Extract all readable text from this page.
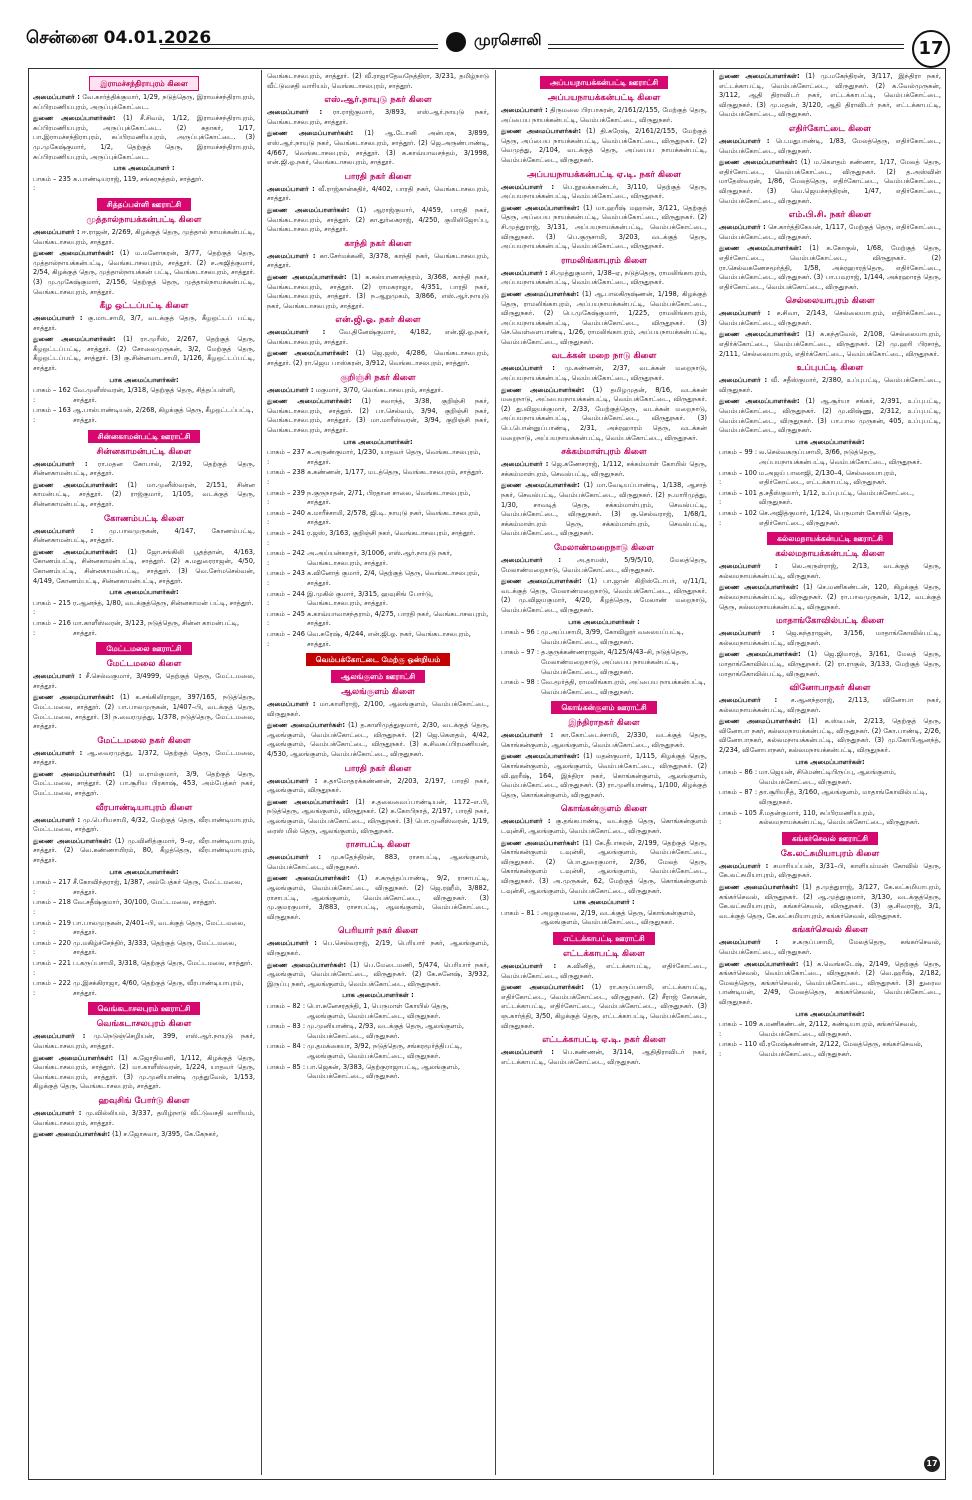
சென்னை 04.01.2026	முரசொலி	17
இராமச்சந்திராபுரம் கிளை
அமைப்பாளர் : வே.கார்த்திக்குமார், 1/29, நடுத்தெரு, இராமச்சந்திராபுரம், சுப்பிரமணியபுரம், அருப்புக்கோட்டை.
துணை அமைப்பாளர்கள்: (1) சீ.சிவம், 1/12, இராமச்சந்திராபுரம், சுப்பிரமணியபுரம், அருப்புக்கோட்டை. (2) சுதாகர், 1/17, பா.இராமச்சந்திராபுரம், சுப்பிரமணியபுரம், அருப்புக்கோட்டை. (3) மு.முகேஷ்குமார், 1/2, தெற்குத் தெரு, இராமச்சந்திராபுரம், சுப்பிரமணியபுரம், அருப்புக்கோட்டை.
பாக அமைப்பாளர் :
பாகம் – 235 :
க.பாண்டியராஜ், 119, சங்கரநத்தம், சாத்தூர்.
சித்தப்பள்ளி ஊராட்சி
முத்தால்நாயக்கன்பட்டி கிளை
அமைப்பாளர் : ஈ.ராஜன், 2/269, கிழக்குத் தெரு, முத்தால் நாயக்கன்பட்டி, வெங்கடாசலபுரம், சாத்தூர்.
துணை அமைப்பாளர்கள்: (1) ம.மனோகரன், 3/77, தெற்குத் தெரு, முத்தால்நாயக்கன்பட்டி, வெங்கடாசலபுரம், சாத்தூர். (2) ச.அஜித்குமார், 2/54, கிழக்குத் தெரு, முத்தால்நாயக்கன் பட்டி, வெங்கடாசலபுரம், சாத்தூர். (3) மு.முகேஷ்குமார், 2/156, தெற்குத் தெரு, முத்தால்நாயக்கன்பட்டி, வெங்கடாசலபுரம், சாத்தூர்.
கீழ ஒட்டப்பட்டி கிளை
அமைப்பாளர் : கு.மாடசாமி, 3/7, வடக்குத் தெரு, கீழஒட்டப் பட்டி, சாத்தூர்.
துணை அமைப்பாளர்கள்: (1) ரா.முரீஸ், 2/267, தெற்குத் தெரு, கீழஒட்டப்பட்டி, சாத்தூர். (2) சோலைமுருகன், 3/2, மேற்குத் தெரு, கீழஒட்டப்பட்டி, சாத்தூர். (3) கு.சின்னமாடசாமி, 1/126, கீழஒட்டப்பட்டி, சாத்தூர்.
பாக அமைப்பாளர்கள்:
பாகம் – 162 :
வே.முனீஸ்வரன், 1/318, தெற்குத் தெரு, சித்தப்பள்ளி, சாத்தூர்.
பாகம் – 163 :
ஆ.பால்பாண்டியன், 2/268, கிழக்குத் தெரு, கீழஒட்டப்பட்டி, சாத்தூர்.
சின்னகாமன்பட்டி ஊராட்சி
சின்னகாமன்பட்டி கிளை
அமைப்பாளர் : ரா.மதன கோபால், 2/192, தெற்குத் தெரு, சின்னகாமன்பட்டி, சாத்தூர்.
துணை அமைப்பாளர்கள்: (1) மா.முனீஸ்வரன், 2/151, சின்ன காமன்பட்டி, சாத்தூர். (2) ராஜ்குமார், 1/105, வடக்குத் தெரு, சின்னகாமன்பட்டி, சாத்தூர்.
கோணம்பட்டி கிளை
அமைப்பாளர் : மு.பாலமுருகன், 4/147, கோணம்பட்டி, சின்னகாமன்பட்டி, சாத்தூர்.
துணை அமைப்பாளர்கள்: (1) ஜோ.சங்கிலி பூதத்தான், 4/163, கோணம்பட்டி, சின்னகாமன்பட்டி, சாத்தூர். (2) சு.மதுரைராஜன், 4/50, கோணம்பட்டி, சின்னகாமன்பட்டி, சாத்தூர். (3) வெ.சேர்மசெல்வன், 4/149, கோணம்பட்டி, சின்னகாமன்பட்டி, சாத்தூர்.
பாக அமைப்பாளர்கள்:
பாகம் – 215 :
ர.ஆனந்த், 1/80, வடக்குத்தெரு, சின்னகாமன் பட்டி, சாத்தூர்.
பாகம் – 216 :
மா.காளீஸ்வரன், 3/123, நடுத்தெரு, சின்ன காமன்பட்டி, சாத்தூர்.
மேட்டமலை ஊராட்சி
மேட்டமலை கிளை
அமைப்பாளர் : சீ.செல்வகுமார், 3/4999, தெற்குத் தெரு, மேட்டமலை, சாத்தூர்.
துணை அமைப்பாளர்கள்: (1) க.சங்கிலிராஜா, 397/165, நடுத்தெரு, மேட்டமலை, சாத்தூர். (2) பா.பாலமுருகன், 1/407–பி, வடக்குத் தெரு, மேட்டமலை, சாத்தூர். (3) ந.வைரமுத்து, 1/378, நடுத்தெரு, மேட்டமலை, சாத்தூர்.
மேட்டமலை நகர் கிளை
அமைப்பாளர் : ஆ.வைரமுத்து, 1/372, தெற்குத் தெரு, மேட்டமலை, சாத்தூர்.
துணை அமைப்பாளர்கள்: (1) ம.ராம்குமார், 3/9, தெற்குத் தெரு, மேட்டமலை, சாத்தூர். (2) பா.சூரிய பிரகாஷ், 453, அம்பேத்கர் நகர், மேட்டமலை, சாத்தூர்.
வீரபாண்டியாபுரம் கிளை
அமைப்பாளர் : மு.பெரியசாமி, 4/32, மேற்குத் தெரு, வீரபாண்டியாபுரம், மேட்டமலை, சாத்தூர்.
துணை அமைப்பாளர்கள்: (1) மு.வினித்குமார், 9–ஏ, வீரபாண்டியாபுரம், சாத்தூர். (2) வெ.கண்ணாயிரம், 80, கீழத்தெரு, வீரபாண்டியாபுரம், சாத்தூர்.
பாக அமைப்பாளர்கள்:
பாகம் – 217 :
சீ.கோவிந்தராஜ், 1/387, அம்பேத்கர் தெரு, மேட்டமலை, சாத்தூர்.
பாகம் – 218 :
வே.சதீஷ்குமார், 30/100, மேட்டமலை, சாத்தூர்.
பாகம் – 219 :
பா.பாலமுருகன், 2/401–பி, வடக்குத் தெரு, மேட்டமலை, சாத்தூர்.
பாகம் – 220 :
மு.மகிழ்ச்சேந்திர், 3/333, தெற்குத் தெரு, மேட்டமலை, சாத்தூர்.
பாகம் – 221 :
ப.கருப்பசாமி, 3/318, தெற்குத் தெரு, மேட்டமலை, சாத்தூர்.
பாகம் – 222 :
மு.இசக்கிராஜா, 4/60, தெற்குத் தெரு, வீரபாண்டியாபுரம், சாத்தூர்.
வெங்கடாசலபுரம் ஊராட்சி
வெங்கடாசலபுரம் கிளை
அமைப்பாளர் : மு.நெடுஞ்செழியன், 399, எஸ்.ஆர்.நாயுடு நகர், வெங்கடாசலபுரம், சாத்தூர்.
துணை அமைப்பாளர்கள்: (1) க.ஜோதிமணி, 1/112, கிழக்குத் தெரு, வெங்கடாசலபுரம், சாத்தூர். (2) மா.காளீஸ்வரன், 1/224, யாதவர் தெரு, வெங்கடாசலபுரம், சாத்தூர். (3) மு.முனியாண்டி முத்துவேல், 1/153, கிழக்குத் தெரு, வெங்கடாசலபுரம், சாத்தூர்.
ஹவுசிங் போர்டு கிளை
அமைப்பாளர் : மு.வில்லியம், 3/337, தமிழ்நாடு வீட்டுவசதி வாரியம், வெங்கடாசலபுரம், சாத்தூர்.
துணை அமைப்பாளர்கள்: (1) ச.ஜோசுவா, 3/395, கே.கேநகர்,
வெங்கடாசலபுரம், சாத்தூர். (2) வீ.ராஜாதேவநேத்திரா, 3/231, தமிழ்நாடு வீட்டுவசதி வாரியம், வெங்கடாசலபுரம், சாத்தூர்.
எஸ்.ஆர்.நாயுடு நகர் கிளை
அமைப்பாளர் : ரா.ராஜ்குமார், 3/893, எஸ்.ஆர்.நாயுடு நகர், வெங்கடாசலபுரம், சாத்தூர்.
துணை அமைப்பாளர்கள்: (1) ஆ.டோனி அன்பரசு, 3/899, எஸ்.ஆர்.நாயுடு நகர், வெங்கடாசலபுரம், சாத்தூர். (2) ஜெ.அருண்பாண்டி, 4/667, வெங்கடாசலபுரம், சாத்தூர். (3) சு.காவ்யாவசந்தம், 3/1998, என்.ஜி.ஓ.நகர், வெங்கடாசலபுரம், சாத்தூர்.
பாரதி நகர் கிளை
அமைப்பாளர் : வீ.ராஜ்கான்கதிர், 4/402, பாரதி நகர், வெங்கடாசலபுரம், சாத்தூர்.
துணை அமைப்பாளர்கள்: (1) ஆராஜ்குமார், 4/459, பாரதி நகர், வெங்கடாசலபுரம், சாத்தூர். (2) கா.துர்கைராஜ், 4/250, குமிலிஜோப்பு, வெங்கடாசலபுரம், சாத்தூர்.
காந்தி நகர் கிளை
அமைப்பாளர் : கா.சேர்மக்கனி, 3/378, காந்தி நகர், வெங்கடாசலபுரம், சாத்தூர்.
துணை அமைப்பாளர்கள்: (1) க.கல்யாணசுந்தரம், 3/368, காந்தி நகர், வெங்கடாசலபுரம், சாத்தூர். (2) ராமகராஜா, 4/351, பாரதி நகர், வெங்கடாசலபுரம், சாத்தூர். (3) ந.ஆறுமுகம், 3/866, எஸ்.ஆர்.நாயுடு நகர், வெங்கடாசலபுரம், சாத்தூர்.
என்.ஜி.ஓ. நகர் கிளை
அமைப்பாளர் : வே.தினேஷ்குமார், 4/182, என்.ஜி.ஓ.நகர், வெங்கடாசலபுரம், சாத்தூர்.
துணை அமைப்பாளர்கள்: (1) ஜெ.ஜஸ், 4/286, வெங்கடாசலபுரம், சாத்தூர். (2) ரா.ஜெய பாஸ்கரன், 3/912, வெங்கடாசலபுரம், சாத்தூர்.
குறிஞ்சி நகர் கிளை
அமைப்பாளர் : மகுமார், 3/70, வெங்கடாசலபுரம், சாத்தூர்.
துணை அமைப்பாளர்கள்: (1) சவாந்த், 3/38, குறிஞ்சி நகர், வெங்கடாசலபுரம், சாத்தூர். (2) பா.செல்வம், 3/94, குறிஞ்சி நகர், வெங்கடாசலபுரம், சாத்தூர். (3) மா.மாரீஸ்வரன், 3/94, குறிஞ்சி நகர், வெங்கடாசலபுரம், சாத்தூர்.
பாக அமைப்பாளர்கள்:
பாகம் – 237 :
க.அருண்குமார், 1/230, யாதவர் தெரு, வெங்கடாசலபுரம், சாத்தூர்.
பாகம் – 238 :
க.கண்ணன், 1/177, மடத்தெரு, வெங்கடாசலபுரம், சாத்தூர்.
பாகம் – 239 :
ந.குருநாதன், 2/71, பிரதான சாலை, வெங்கடாசலபுரம், சாத்தூர்.
பாகம் – 240 :
க.மாரீச்சாமி, 2/578, ஜி.டி. நாயுடு நகர், வெங்கடாசலபுரம், சாத்தூர்.
பாகம் – 241 :
ர.ஜஸ், 3/163, குறிஞ்சி நகர், வெங்கடாசலபுரம், சாத்தூர்.
பாகம் – 242 :
அ.அய்யன்காதர், 3/1006, எஸ்.ஆர்.நாயுடு நகர், வெங்கடாசலபுரம், சாத்தூர்.
பாகம் – 243 :
க.வினோத் குமார், 2/4, தெற்குத் தெரு, வெங்கடாசலபுரம், சாத்தூர்.
பாகம் – 244 :
இ.முகில் குமார், 3/315, ஹவுசிங் போர்டு, வெங்கடாசலபுரம், சாத்தூர்.
பாகம் – 245 :
க.காவ்யாவாசந்தராம், 4/275, பாரதி நகர், வெங்கடாசலபுரம், சாத்தூர்.
பாகம் – 246 :
வெ.சுரேஷ், 4/244, என்.ஜி.ஓ. நகர், வெங்கடாசலபுரம், சாத்தூர்.
வெம்பக்கோட்டை மேற்கு ஒன்றியம்
ஆலங்குளம் ஊராட்சி
ஆலங்குளம் கிளை
அமைப்பாளர் : மா.காளிராஜ், 2/100, ஆலங்குளம், வெம்பக்கோட்டை, விருதுநகர்.
துணை அமைப்பாளர்கள்: (1) த.காளிமுத்துகுமார், 2/30, வடக்குத் தெரு, ஆலங்குளம், வெம்பக்கோட்டை, விருதுநகர். (2) ஜெ.கௌதம், 4/42, ஆலங்குளம், வெம்பக்கோட்டை, விருதுநகர். (3) க.சிவசுப்பிரமணியன், 4/530, ஆலங்குளம், வெம்பக்கோட்டை, விருதுநகர்.
பாரதி நகர் கிளை
அமைப்பாளர் : ச.தாமோதரக்கண்ணன், 2/203, 2/197, பாரதி நகர், ஆலங்குளம், விருதுநகர்.
துணை அமைப்பாளர்கள்: (1) ச.தலைவைப்பாண்டியன், 1172–எ.பி, நடுத்தெரு, ஆலங்குளம், விருதுநகர். (2) சு.கோபிநாத், 2/197, பாரதி நகர், ஆலங்குளம், வெம்பக்கோட்டை, விருதுநகர். (3) பொ.முனீஸ்வரன், 1/19, ரைஸ் மில் தெரு, ஆலங்குளம், விருதுநகர்.
ராசாபட்டி கிளை
அமைப்பாளர் : மு.சுதேந்திரன், 883, ராசாபட்டி, ஆலங்குளம், வெம்பக்கோட்டை, விருதுநகர்.
துணை அமைப்பாளர்கள்: (1) ச.கருத்தப்பாண்டி, 9/2, ராசாபட்டி, ஆலங்குளம், வெம்பக்கோட்டை, விருதுநகர். (2) ஜெ.ரஹீம், 3/882, ராசாபட்டி, ஆலங்குளம், வெம்பக்கோட்டை, விருதுநகர். (3) மு.குமரகுமார், 3/883, ராசாபட்டி, ஆலங்குளம், வெம்பக்கோட்டை, விருதுநகர்.
பெரியார் நகர் கிளை
அமைப்பாளர் : பெ.செல்வராஜ், 2/19, பெரியார் நகர், ஆலங்குளம், விருதுநகர்.
துணை அமைப்பாளர்கள்: (1) பெ.மேடைமணி, 5/474, பெரியார் நகர், ஆலங்குளம், வெம்பக்கோட்டை, விருதுநகர். (2) கே.சுனேஷ், 3/932, இருப்பு நகர், ஆலங்குளம், வெம்பக்கோட்டை, விருதுநகர்.
பாக அமைப்பாளர்கள் :
பாகம் – 82 : பொ.சுனேசரதந்தி, 1, பெருமாள் கோயில் தெரு, ஆலங்குளம், வெம்பக்கோட்டை, விருதுநகர்.
பாகம் – 83 : மு.முனியாண்டி, 2/93, வடக்குத் தெரு, ஆலங்குளம், வெம்பக்கோட்டை, விருதுநகர்.
பாகம் – 84 : மு.தமக்கையா, 3/92, நடுத்தெரு, சங்கரமூர்த்திபட்டி, ஆலங்குளம், வெம்பக்கோட்டை, விருதுநகர்.
பாகம் – 85 : பா.ஜெகன், 3/383, தெற்குராஜாபட்டி, ஆலங்குளம், வெம்பக்கோட்டை, விருதுநகர்.
அப்பயநாயக்கன்பட்டி ஊராட்சி
அப்பயநாயக்கன்பட்டி கிளை
அமைப்பாளர் : திருமலை பிரபாகரன், 2/161/2/155, மேற்குத் தெரு, அப்பைய நாயக்கன்பட்டி, வெம்பக்கோட்டை, விருதுநகர்.
துணை அமைப்பாளர்கள்: (1) தி.சுரேஷ், 2/161/2/155, மேற்குத் தெரு, அப்பைய நாயக்கன்பட்டி, வெம்பக்கோட்டை, விருதுநகர். (2) வெமுத்து, 2/104, வடக்குத் தெரு, அப்பைய நாயக்கன்பட்டி, வெம்பக்கோட்டை, விருதுநகர்.
அப்பயநாயக்கன்பட்டி ஏ.டி. நகர் கிளை
அமைப்பாளர் : பெ.நூலக்காண்டர், 3/110, தெற்குத் தெரு, அப்பயநாயக்கன்பட்டி, வெம்பக்கோட்டை, விருதுநகர்.
துணை அமைப்பாளர்கள்: (1) மா.ஹரீஷ் மஹான், 3/121, தெற்குத் தெரு, அப்பைய நாயக்கன்பட்டி, வெம்பக்கோட்டை, விருதுநகர். (2) சி.முத்துராஜ், 3/131, அப்பயநாயக்கன்பட்டி, வெம்பக்கோட்டை, விருதுநகர். (3) பெ.குருசாமி, 3/203, வடக்குத் தெரு, அப்பயநாயக்கன்பட்டி, வெம்பக்கோட்டை, விருதுநகர்.
ராமலிங்காபுரம் கிளை
அமைப்பாளர் : சி.முத்துகுமார், 1/38–ஏ, நடுத்தெரு, ராமலிங்காபுரம், அப்பயநாயக்கன்பட்டி, வெம்பக்கோட்டை, விருதுநகர்.
துணை அமைப்பாளர்கள்: (1) ஆ.பாலகிருஷ்ணன், 1/198, கிழக்குத் தெரு, ராமலிங்காபுரம், அப்பயநாயக்கன்பட்டி, வெம்பக்கோட்டை, விருதுநகர். (2) பெ.முகேஷ்குமார், 1/225, ராமலிங்காபுரம், அப்பயநாயக்கன்பட்டி, வெம்பக்கோட்டை, விருதுநகர். (3) செ.வெள்ளைபாண்டி, 1/26, ராமலிங்காபுரம், அப்பயநாயக்கன்பட்டி, வெம்பக்கோட்டை, விருதுநகர்.
வடக்கன் மறை நாடு கிளை
அமைப்பாளர் : மு.கண்ணன், 2/37, வடக்கன் மறைநாடு, அப்பயநாயக்கன்பட்டி, வெம்பக்கோட்டை, விருதுநகர்.
துணை அமைப்பாளர்கள்: (1) தமிழமுதன், 8/16, வடக்கன் மறைநாடு, அப்பையநாயக்கன்பட்டி, வெம்பக்கோட்டை, விருதுநகர். (2) து.விஜயக்குமார், 2/33, மேற்குத்தெரு, வடக்கன் மறைநாடு, அப்பயநாயக்கன்பட்டி, வெம்பக்கோட்டை, விருதுநகர். (3) பெ.பொன்னுப்பாண்டி, 2/31, அக்ரஹாரம் தெரு, வடக்கன் மறைநாடு, அப்பயநாயக்கன்பட்டி, வெம்பக்கோட்டை, விருதுநகர்.
சக்கம்மாள்புரம் கிளை
அமைப்பாளர் : ஜெ.கணேசராஜ், 1/112, சக்கம்மாள் கோயில் தெரு, சக்கம்மாள்புரம், செவல்பட்டி, விருதுநகர்.
துணை அமைப்பாளர்கள்: (1) மா.வேடியப்பாண்டி, 1/138, ஆசாத் நகர், செவல்பட்டி, வெம்பக்கோட்டை, விருதுநகர். (2) ந.மாரிமுத்து, 1/30, சாவடித் தெரு, சக்கம்மாள்புரம், செவல்பட்டி, வெம்பக்கோட்டை, விருதுநகர். (3) கு.செல்வராஜ், 1/68/1, சக்கம்மாள்புரம் தெரு, சக்கம்மாள்புரம், செவல்பட்டி, வெம்பக்கோட்டை, விருதுநகர்.
மேலாண்மறைநாடு கிளை
அமைப்பாளர் : அ.தாமஸ், 5/9/5/10, மேலத்தெரு, மேலாண்மறைநாடு, வெம்பக்கோட்டை, விருதுநகர்.
துணை அமைப்பாளர்கள்: (1) பா.ஜான் கிறிஸ்டோபர், ஏ/11/1, வடக்குத் தெரு, மேலாண்மறைநாடு, வெம்பக்கோட்டை, விருதுநகர். (2) மு.விஜயகுமார், 4/20, கீழத்தெரு, மேலாண் மறைநாடு, வெம்பக்கோட்டை, விருதுநகர்.
பாக அமைப்பாளர்கள் :
பாகம் – 96 : மு.அப்பசாமி, 3/99, கோவிலூர் வலையப்பட்டி, வெம்பக்கோட்டை, விருதுநகர்.
பாகம் – 97 : த.குருக்கண்ணராஜன், 4/125/4/43–சி, நடுத்தெரு, மேலாண்மறைநாடு, அப்பைய நாயக்கன்பட்டி, வெம்பக்கோட்டை, விருதுநகர்.
பாகம் – 98 : வே.மூர்த்தி, ராமலிங்காபுரம், அப்பைய நாயக்கன்பட்டி, வெம்பக்கோட்டை, விருதுநகர்.
கொங்கன்குளம் ஊராட்சி
இந்திராநகர் கிளை
அமைப்பாளர் : கா.கோட்டைச்சாமி, 2/330, வடக்குத் தெரு, கொங்கன்குளம், ஆலங்குளம், வெம்பக்கோட்டை, விருதுநகர்.
துணை அமைப்பாளர்கள்: (1) மதன்குமார், 1/115, கிழக்குத் தெரு, கொங்கன்குளம், ஆலங்குளம், வெம்பக்கோட்டை, விருதுநகர். (2) வி.ஹரீஷ், 164, இந்திரா நகர், கொங்கன்குளம், ஆலங்குளம், வெம்பக்கோட்டை, விருதுநகர். (3) ரா.முனியாண்டி, 1/100, கிழக்குத் தெரு, கொங்கன்குளம், விருதுநகர்.
கொங்கன்குளம் கிளை
அமைப்பாளர் : கு.தங்கபாண்டி, வடக்குத் தெரு, கொங்கன்குளம் டவுன்சி, ஆலங்குளம், வெம்பக்கோட்டை, விருதுநகர்.
துணை அமைப்பாளர்கள்: (1) கே.தீபாகரன், 2/199, தெற்குத் தெரு, கொங்கன்குளம் டவுன்சி, ஆலங்குளம், வெம்பக்கோட்டை, விருதுநகர். (2) பொ.துரைகுமார், 2/36, மேலத் தெரு, கொங்கன்குளம் டவுன்சி, ஆலங்குளம், வெம்பக்கோட்டை, விருதுநகர். (3) அ.முருகன், 62, மேற்குத் தெரு, கொங்கன்குளம் டவுன்சி, ஆலங்குளம், வெம்பக்கோட்டை, விருதுநகர்.
பாக அமைப்பாளர் :
பாகம் – 81 : அழகுமலை, 2/19, வடக்குத் தெரு, கொங்கன்குளம், ஆலங்குளம், வெம்பக்கோட்டை, விருதுநகர்.
எட்டக்காபட்டி ஊராட்சி
எட்டக்காபட்டி கிளை
அமைப்பாளர் : சு.வினித், எட்டக்காபட்டி, எதிர்கோட்டை, வெம்பக்கோட்டை, விருதுநகர்.
துணை அமைப்பாளர்கள்: (1) ரா.கருப்பசாமி, எட்டக்காபட்டி, எதிர்கோட்டை, வெம்பக்கோட்டை, விருதுநகர். (2) சீராஜ் கோகன், எட்டக்காபட்டி, எதிர்கோட்டை, வெம்பக்கோட்டை, விருதுநகர். (3) ஞ.கார்த்தி, 3/50, கிழக்குத் தெரு, எட்டக்காபட்டி, வெம்பக்கோட்டை, விருதுநகர்.
எட்டக்காபட்டி ஏ.டி. நகர் கிளை
அமைப்பாளர் : பெ.கண்ணன், 3/114, ஆதிதிராவிடர் நகர், எட்டக்காபட்டி, வெம்பக்கோட்டை, விருதுநகர்.
துணை அமைப்பாளர்கள்: (1) மு.மகேந்திரன், 3/117, இந்திரா நகர், எட்டக்காபட்டி, வெம்பக்கோட்டை, விருதுநகர். (2) க.வேல்முருகன், 3/112, ஆதி திராவிடர் நகர், எட்டக்காபட்டி, வெம்பக்கோட்டை, விருதுநகர். (3) மு.மதன், 3/120, ஆதி திராவிடர் நகர், எட்டக்காபட்டி, வெம்பக்கோட்டை, விருதுநகர்.
எதிர்கோட்டை கிளை
அமைப்பாளர் : பெ.மதுபாண்டி, 1/83, மேலத்தெரு, எதிர்கோட்டை, வெம்பக்கோட்டை, விருதுநகர்.
துணை அமைப்பாளர்கள்: (1) ம.கௌதம் கண்ணா, 1/17, மேலத் தெரு, எதிர்கோட்டை, வெம்பக்கோட்டை, விருதுநகர். (2) த.அஸ்வின் மாதேஸ்வரன், 1/86, மேலத்தெரு, எதிர்கோட்டை, வெம்பக்கோட்டை, விருதுநகர். (3) வெ.ஜெயச்சந்திரன், 1/47, எதிர்கோட்டை, வெம்பக்கோட்டை, விருதுநகர்.
எம்.பி.சி. நகர் கிளை
அமைப்பாளர் : செ.கார்த்திகேயன், 1/117, மேற்குத் தெரு, எதிர்கோட்டை, வெம்பக்கோட்டை, விருதுநகர்.
துணை அமைப்பாளர்கள்: (1) க.கோகுல், 1/68, மேற்குத் தெரு, எதிர்கோட்டை, வெம்பக்கோட்டை, விருதுநகர். (2) ரா.செல்வகணேசமூர்த்தி, 1/58, அக்ரஹாரத்தெரு, எதிர்கோட்டை, வெம்பக்கோட்டை, விருதுநகர். (3) பா.பவுராஜ், 1/144, அக்ரஹாரத் தெரு, எதிர்கோட்டை, வெம்பக்கோட்டை, விருதுநகர்.
செல்லையாபுரம் கிளை
அமைப்பாளர் : ச.சிவா, 2/143, செல்லையாபுரம், எதிர்க்கோட்டை, வெம்பக்கோட்டை, விருதுநகர்.
துணை அமைப்பாளர்கள்: (1) க.கந்தவேல், 2/108, செல்லையாபுரம், எதிர்க்கோட்டை, வெம்பக்கோட்டை, விருதுநகர். (2) மு.ஹரி பிரசாத், 2/111, செல்லையாபுரம், எதிர்க்கோட்டை, வெம்பக்கோட்டை, விருதுநகர்.
உப்புபட்டி கிளை
அமைப்பாளர் : வீ. சதீஸ்குமார், 2/380, உப்புபட்டி, வெம்பக்கோட்டை, விருதுநகர்.
துணை அமைப்பாளர்கள்: (1) ஆ.சூர்யா சங்கர், 2/391, உப்புபட்டி, வெம்பக்கோட்டை, விருதுநகர். (2) மு.விஷ்ணு, 2/312, உப்புபட்டி, வெம்பக்கோட்டை, விருதுநகர். (3) பா.பால முருகன், 405, உப்புபட்டி, வெம்பக்கோட்டை, விருதுநகர்.
பாக அமைப்பாளர்கள்:
பாகம் – 99 : ல.செல்வகருப்பசாமி, 3/66, நடுத்தெரு, அப்பயநாயக்கன்பட்டி, வெம்பக்கோட்டை, விருதுநகர்.
பாகம் – 100 :
ம.அஜய் பாலாஜி, 2/130–4, செல்லையாபுரம், எதிர்கோட்டை, எட்டக்காபட்டி, விருதுநகர்.
பாகம் – 101 :
த.சதீஸ்குமார், 1/12, உப்புபட்டி, வெம்பக்கோட்டை, விருதுநகர்.
பாகம் – 102 :
செ.அஜித்குமார், 1/124, பெருமாள் கோயில் தெரு, எதிர்கோட்டை, விருதுநகர்.
கல்லமநாயக்கன்பட்டி ஊராட்சி
கல்லமநாயக்கன்பட்டி கிளை
அமைப்பாளர் : லெ.அருள்ராஜ், 2/13, வடக்குத் தெரு, கல்லமநாயக்கன்பட்டி, விருதுநகர்.
துணை அமைப்பாளர்கள்: (1) செ.மணிகண்டன், 120, கிழக்குத் தெரு, கல்லமநாயக்கன்பட்டி, விருதுநகர். (2) ரா.பாலமுருகன், 1/12, வடக்குத் தெரு, கல்லமநாயக்கன்பட்டி, விருதுநகர்.
மாதாங்கோவில்பட்டி கிளை
அமைப்பாளர் : ஜெ.கந்தராஜன், 3/156, மாதாங்கோவில்பட்டி, கல்லமநாயக்கன்பட்டி, விருதுநகர்.
துணை அமைப்பாளர்கள்: (1) ஜெ.ஜிமாரத், 3/161, மேலத் தெரு, மாதாங்கோவில்பட்டி, விருதுநகர். (2) ரா.ராகுல், 3/133, மேற்குத் தெரு, மாதாங்கோவில்பட்டி, விருதுநகர்.
வினோபாநகர் கிளை
அமைப்பாளர் : ச.ஆனந்தராஜ், 2/113, வினோபா நகர், கல்லமநாயக்கன்பட்டி, விருதுநகர்.
துணை அமைப்பாளர்கள்: (1) க.ஸ்டீபன், 2/213, தெற்குத் தெரு, வினோபா நகர், கல்லமநாயக்கன்பட்டி, விருதுநகர். (2) கோ.பாண்டி, 2/26, வினோபாநகர், கல்லமநாயக்கன்பட்டி, விருதுநகர். (3) மு.கோபிஆனந்த், 2/234, வினோபாநகர், கல்லமநாயக்கன்பட்டி, விருதுநகர்.
பாக அமைப்பாளர்கள்:
பாகம் – 86 : மா.ஜெயன், சிமெண்ட்டிபிருப்பு, ஆலங்குளம், வெம்பக்கோட்டை, விருதுநகர்.
பாகம் – 87 : தா.சூரியநீத், 3/160, ஆலங்குளம், மாதாங்கோவில்பட்டி, விருதுநகர்.
பாகம் – 105 :
சீ.மதன்குமார், 110, சுப்பிரமணியபுரம், கல்லமநாயக்கன்பட்டி, வெம்பக்கோட்டை, விருதுநகர்.
கங்கர்செவல் ஊராட்சி
கே.லட்சுமியாபுரம் கிளை
அமைப்பாளர் : சமாரியப்பன், 3/31–பி, காளியம்மன் கோவில் தெரு, கே.லட்சுமியாபுரம், விருதுநகர்.
துணை அமைப்பாளர்கள்: (1) த.முத்துராஜ், 3/127, கே.லட்சுமியாபுரம், கங்கர்செவல், விருதுநகர். (2) ஆ.முத்துகுமார், 3/130, வடக்குத்தெரு, கே.லட்சுமியாபுரம், கங்கர்செவல், விருதுநகர். (3) கு.சிவராஜ், 3/1, வடக்குத் தெரு, கே.லட்சுமியாபுரம், கங்கர்செவல், விருதுநகர்.
கங்கர்செவல் கிளை
அமைப்பாளர் : ச.கருப்பசாமி, மேலத்தெரு, கங்கர்செவல், வெம்பக்கோட்டை, விருதுநகர்.
துணை அமைப்பாளர்கள்: (1) க.வெங்கடேஷ், 2/149, தெற்குத் தெரு, கங்கர்செவல், வெம்பக்கோட்டை, விருதுநகர். (2) வெ.ஹரீஷ், 2/182, மேலத்தெரு, கங்கர்செவல், வெம்பக்கோட்டை, விருதுநகர். (3) துரைவ பாண்டியன், 2/49, மேலத்தெரு, கங்கர்செவல், வெம்பக்கோட்டை, விருதுநகர்.
பாக அமைப்பாளர்கள்:
பாகம் – 109 :
க.மணிகண்டன், 2/112, கண்டியாபுரம், கங்கர்செவல், வெம்பக்கோட்டை, விருதுநகர்.
பாகம் – 110 :
வீ.ரமேஷ்கண்ணன், 2/122, மேலத்தெரு, கங்கர்செவல், வெம்பக்கோட்டை, விருதுநகர்.
17
